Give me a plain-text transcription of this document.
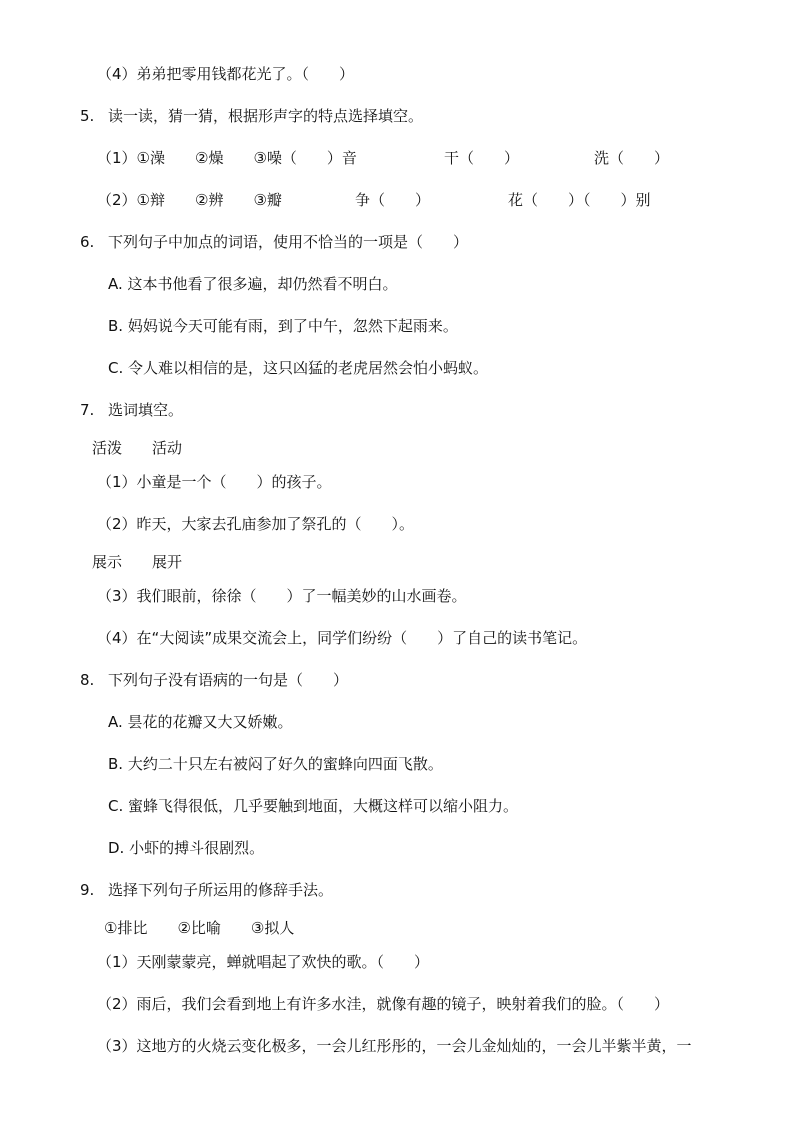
（4）弟弟把零用钱都花光了。（　　）
5. 读一读，猜一猜，根据形声字的特点选择填空。
（1）①澡　　②燥　　③噪（　　）音	干（　　）	洗（　　）
（2）①辩　　②辨　　③瓣	争（　　）	花（　　）（　　）别
6. 下列句子中加点的词语，使用不恰当的一项是（　　）
A. 这本书他看了很多遍，却仍然看不明白。
B. 妈妈说今天可能有雨，到了中午，忽然下起雨来。
C. 令人难以相信的是，这只凶猛的老虎居然会怕小蚂蚁。
7. 选词填空。
活泼　　活动
（1）小童是一个（　　）的孩子。
（2）昨天，大家去孔庙参加了祭孔的（　　）。
展示　　展开
（3）我们眼前，徐徐（　　）了一幅美妙的山水画卷。
（4）在“大阅读”成果交流会上，同学们纷纷（　　）了自己的读书笔记。
8. 下列句子没有语病的一句是（　　）
A. 昙花的花瓣又大又娇嫩。
B. 大约二十只左右被闷了好久的蜜蜂向四面飞散。
C. 蜜蜂飞得很低，几乎要触到地面，大概这样可以缩小阻力。
D. 小虾的搏斗很剧烈。
9. 选择下列句子所运用的修辞手法。
①排比　　②比喻　　③拟人
（1）天刚蒙蒙亮，蝉就唱起了欢快的歌。（　　）
（2）雨后，我们会看到地上有许多水洼，就像有趣的镜子，映射着我们的脸。（　　）
（3）这地方的火烧云变化极多，一会儿红彤彤的，一会儿金灿灿的，一会儿半紫半黄，一
